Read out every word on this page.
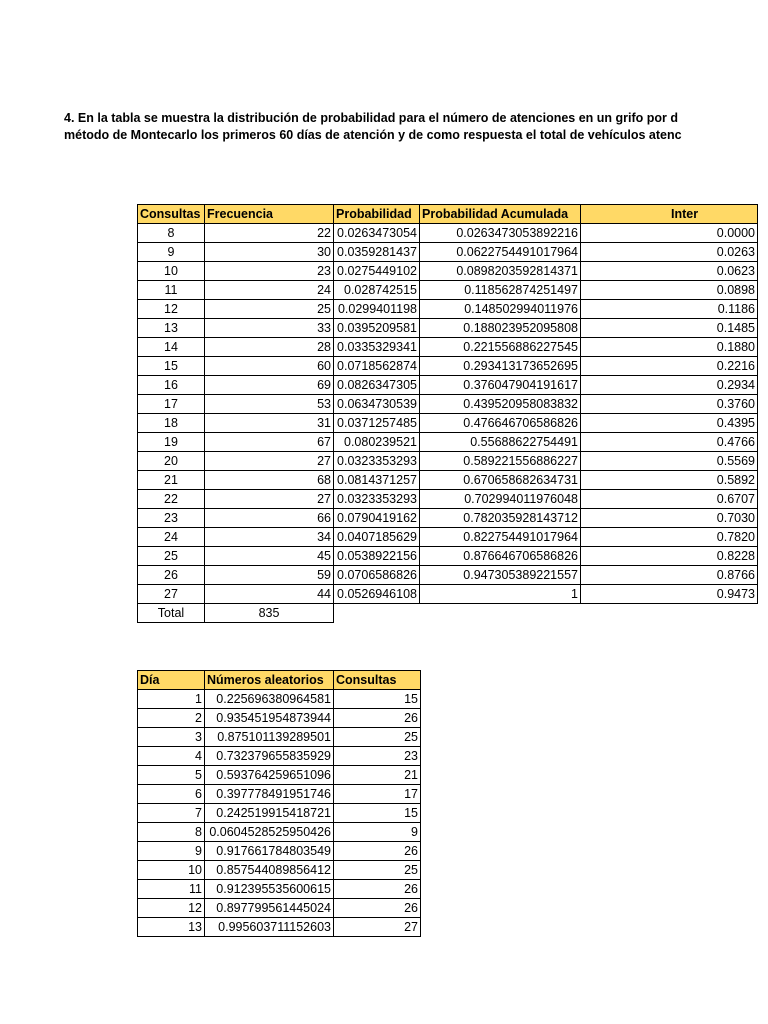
4. En la tabla se muestra la distribución de probabilidad para el número de atenciones en un grifo por d
método de Montecarlo los primeros 60 días de atención y de como respuesta el total de vehículos atenc
Consultas	Frecuencia	Probabilidad	Probabilidad Acumulada	Inter
8	22	0.0263473054	0.0263473053892216	0.0000
9	30	0.0359281437	0.0622754491017964	0.0263
10	23	0.0275449102	0.0898203592814371	0.0623
11	24	0.028742515	0.118562874251497	0.0898
12	25	0.0299401198	0.148502994011976	0.1186
13	33	0.0395209581	0.188023952095808	0.1485
14	28	0.0335329341	0.221556886227545	0.1880
15	60	0.0718562874	0.293413173652695	0.2216
16	69	0.0826347305	0.376047904191617	0.2934
17	53	0.0634730539	0.439520958083832	0.3760
18	31	0.0371257485	0.476646706586826	0.4395
19	67	0.080239521	0.55688622754491	0.4766
20	27	0.0323353293	0.589221556886227	0.5569
21	68	0.0814371257	0.670658682634731	0.5892
22	27	0.0323353293	0.702994011976048	0.6707
23	66	0.0790419162	0.782035928143712	0.7030
24	34	0.0407185629	0.822754491017964	0.7820
25	45	0.0538922156	0.876646706586826	0.8228
26	59	0.0706586826	0.947305389221557	0.8766
27	44	0.0526946108	1	0.9473
Total	835			
Día	Números aleatorios	Consultas
1	0.225696380964581	15
2	0.935451954873944	26
3	0.875101139289501	25
4	0.732379655835929	23
5	0.593764259651096	21
6	0.397778491951746	17
7	0.242519915418721	15
8	0.0604528525950426	9
9	0.917661784803549	26
10	0.857544089856412	25
11	0.912395535600615	26
12	0.897799561445024	26
13	0.995603711152603	27
